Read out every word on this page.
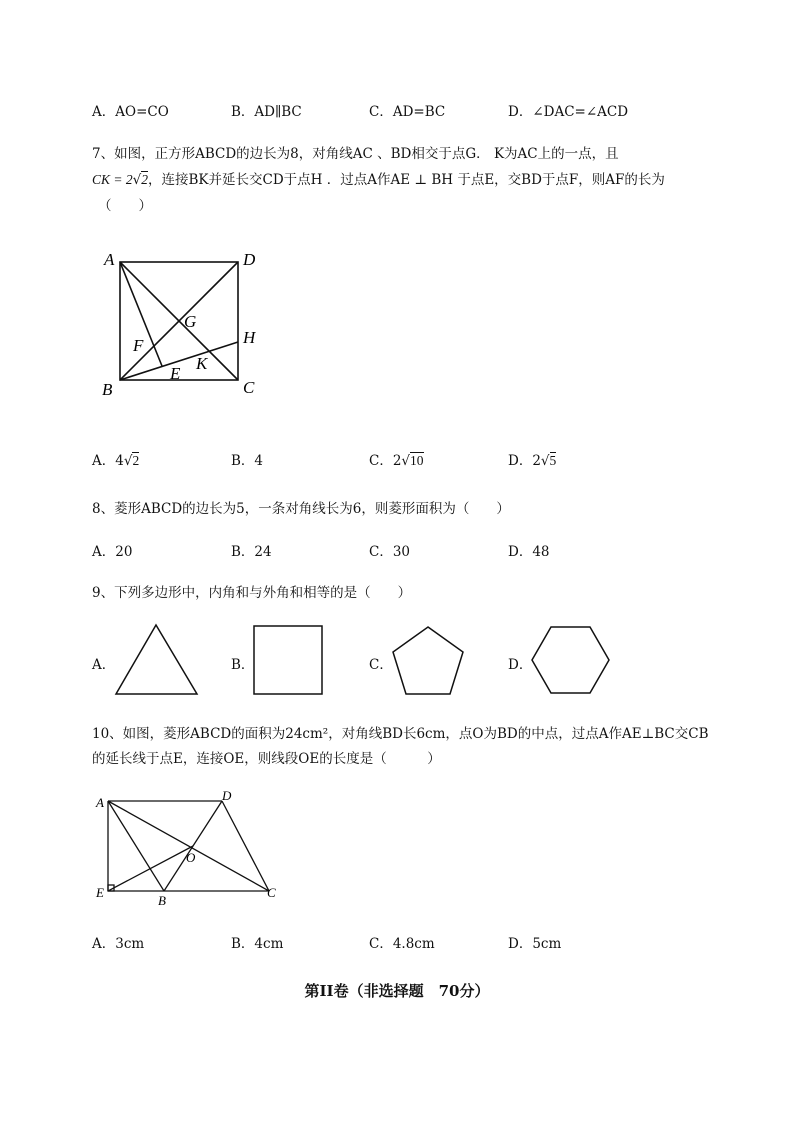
A．AO=CO	B．AD∥BC	C．AD=BC	D．∠DAC=∠ACD
7、如图，正方形ABCD的边长为8，对角线AC 、BD相交于点G． K为AC上的一点，且
CK = 2√2，连接BK并延长交CD于点H ．过点A作AE ⊥ BH 于点E，交BD于点F，则AF的长为
（　　）
A	D
B	C
G
H
F
E
K
A．4√2	B．4	C．2√10	D．2√5
8、菱形ABCD的边长为5，一条对角线长为6，则菱形面积为（　　）
A．20	B．24	C．30	D．48
9、下列多边形中，内角和与外角和相等的是（　　）
A．	B．	C．	D．
10、如图，菱形ABCD的面积为24cm²，对角线BD长6cm，点O为BD的中点，过点A作AE⊥BC交CB
的延长线于点E，连接OE，则线段OE的长度是（　　　）
A	D
O
E
B
C
A．3cm	B．4cm	C．4.8cm	D．5cm
第II卷（非选择题　70分）
